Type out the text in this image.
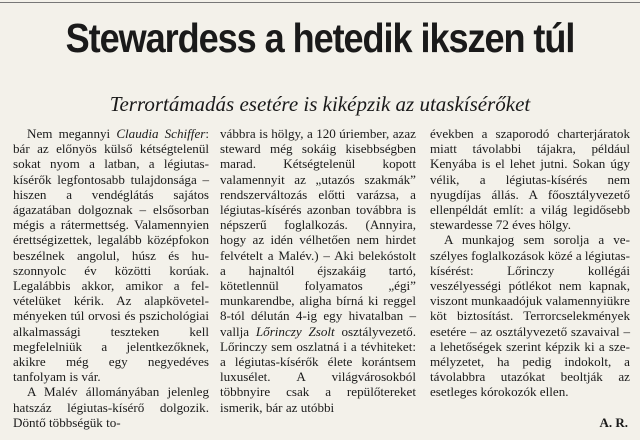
Stewardess a hetedik ikszen túl
Terrortámadás esetére is kiképzik az utaskísérőket

Nem megannyi Claudia Schiffer: bár az előnyös külső kétségtelenül sokat nyom a latban, a légiutas-kísérők legfontosabb tulajdonsága – hiszen a vendéglátás sajátos ágazatában dolgoznak – elsősorban mégis a rátermettség. Valamennyien érettségizettek, legalább középfokon beszélnek angolul, húsz és huszonnyolc év közötti korúak. Legalábbis akkor, amikor a felvételüket kérik. Az alapkövetelményeken túl orvosi és pszichológiai alkalmassági teszteken kell megfelelniük a jelentkezőknek, akikre még egy negyedéves tanfolyam is vár.

A Malév állományában jelenleg hatszáz légiutas-kísérő dolgozik. Döntő többségük to-

vábbra is hölgy, a 120 úriember, azaz steward még sokáig kisebbségben marad. Kétségtelenül kopott valamennyit az „utazós szakmák” rendszerváltozás előtti varázsa, a légiutas-kísérés azonban továbbra is népszerű foglalkozás. (Annyira, hogy az idén vélhetően nem hirdet felvételt a Malév.) – Aki belekóstolt a hajnaltól éjszakáig tartó, kötetlennül folyamatos „égi” munkarendbe, aligha bírná ki reggel 8-tól délután 4-ig egy hivatalban – vallja Lőrinczy Zsolt osztályvezető. Lőrinczy sem oszlatná i a tévhiteket: a légiutas-kísérők élete korántsem luxusélet. A világvárosokból többnyire csak a repülőtereket ismerik, bár az utóbbi

években a szaporodó charterjáratok miatt távolabbi tájakra, például Kenyába is el lehet jutni. Sokan úgy vélik, a légiutas-kísérés nem nyugdíjas állás. A főosztályvezető ellenpéldát említ: a világ legidősebb stewardesse 72 éves hölgy.

A munkajog sem sorolja a veszélyes foglalkozások közé a légiutas-kísérést: Lőrinczy kollégái veszélyességi pótlékot nem kapnak, viszont munkaadójuk valamennyiükre köt biztosítást. Terrorcselekmények esetére – az osztályvezető szavaival – a lehetőségek szerint képzik ki a személyzetet, ha pedig indokolt, a távolabbra utazókat beoltják az esetleges kórokozók ellen.

A. R.
